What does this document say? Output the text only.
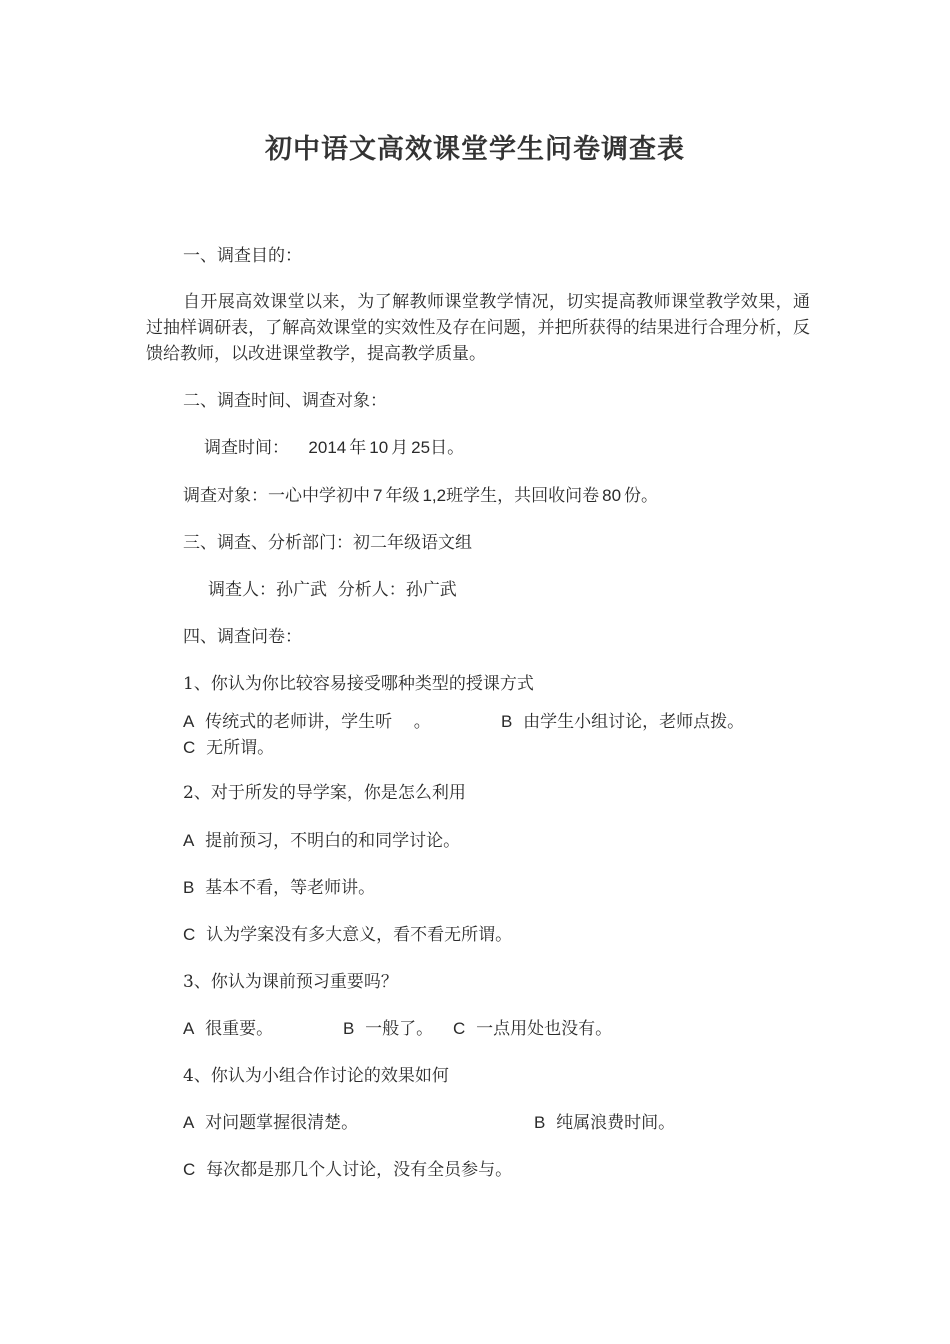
初中语文高效课堂学生问卷调查表
一、调查目的：
自开展高效课堂以来，为了解教师课堂教学情况，切实提高教师课堂教学效果，通过抽样调研表，了解高效课堂的实效性及存在问题，并把所获得的结果进行合理分析，反馈给教师，以改进课堂教学，提高教学质量。
二、调查时间、调查对象：
调查时间： 2014 年 10 月 25日。
调查对象：一心中学初中 7 年级 1,2班学生，共回收问卷 80 份。
三、调查、分析部门：初二年级语文组
调查人：孙广武  分析人：孙广武
四、调查问卷：
1、你认为你比较容易接受哪种类型的授课方式
A 传统式的老师讲，学生听    。	B 由学生小组讨论，老师点拨。
C 无所谓。
2、对于所发的导学案，你是怎么利用
A 提前预习，不明白的和同学讨论。
B 基本不看，等老师讲。
C 认为学案没有多大意义，看不看无所谓。
3、你认为课前预习重要吗？
A 很重要。	B 一般了。 C 一点用处也没有。
4、你认为小组合作讨论的效果如何
A 对问题掌握很清楚。	B 纯属浪费时间。
C 每次都是那几个人讨论，没有全员参与。
